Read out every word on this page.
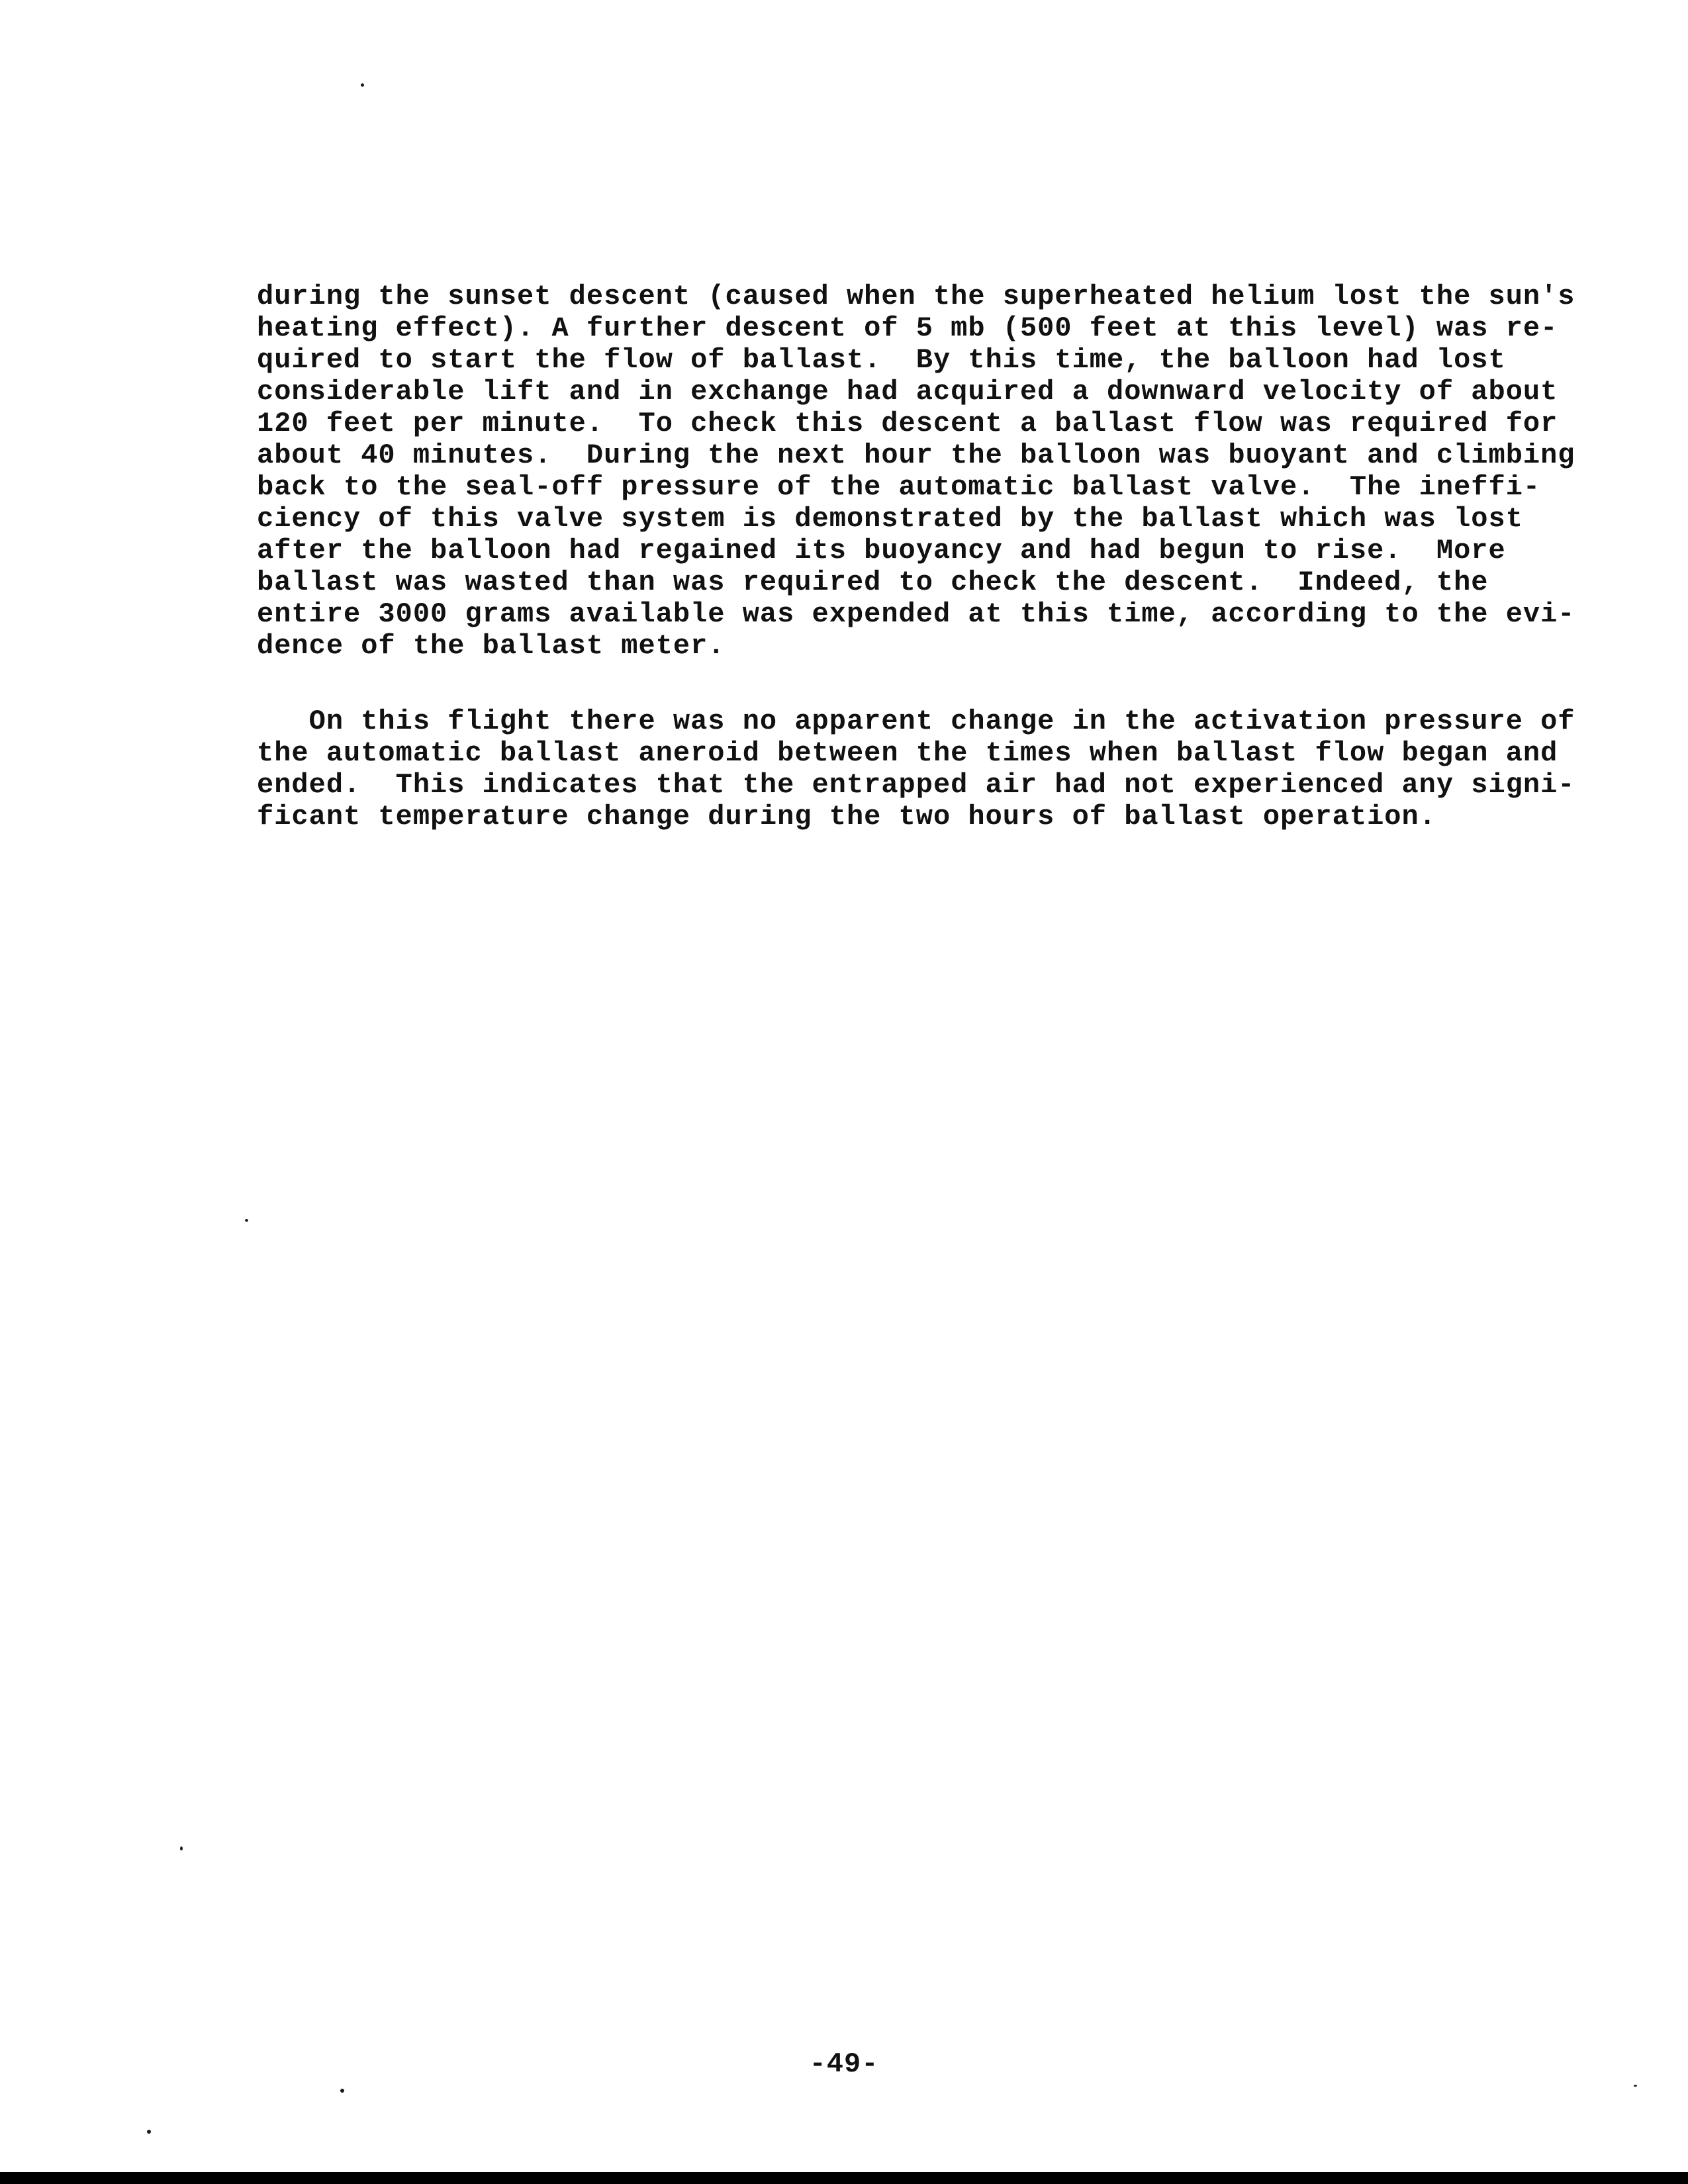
during the sunset descent (caused when the superheated helium lost the sun's
heating effect). A further descent of 5 mb (500 feet at this level) was re-
quired to start the flow of ballast.  By this time, the balloon had lost
considerable lift and in exchange had acquired a downward velocity of about
120 feet per minute.  To check this descent a ballast flow was required for
about 40 minutes.  During the next hour the balloon was buoyant and climbing
back to the seal-off pressure of the automatic ballast valve.  The ineffi-
ciency of this valve system is demonstrated by the ballast which was lost
after the balloon had regained its buoyancy and had begun to rise.  More
ballast was wasted than was required to check the descent.  Indeed, the
entire 3000 grams available was expended at this time, according to the evi-
dence of the ballast meter.
On this flight there was no apparent change in the activation pressure of
the automatic ballast aneroid between the times when ballast flow began and
ended.  This indicates that the entrapped air had not experienced any signi-
ficant temperature change during the two hours of ballast operation.
-49-
